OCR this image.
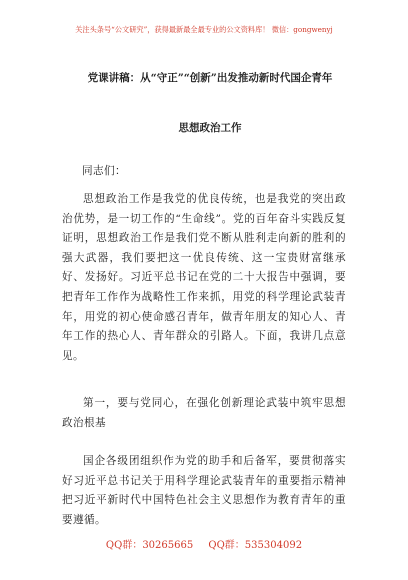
关注头条号“公文研究”，获得最新最全最专业的公文资料库！ 微信：gongwenyj
党课讲稿：从“守正”“创新”出发推动新时代国企青年
思想政治工作

同志们：

思想政治工作是我党的优良传统，也是我党的突出政治优势，是一切工作的“生命线”。党的百年奋斗实践反复证明，思想政治工作是我们党不断从胜利走向新的胜利的强大武器，我们要把这一优良传统、这一宝贵财富继承好、发扬好。习近平总书记在党的二十大报告中强调，要把青年工作作为战略性工作来抓，用党的科学理论武装青年，用党的初心使命感召青年，做青年朋友的知心人、青年工作的热心人、青年群众的引路人。下面，我讲几点意见。

第一，要与党同心，在强化创新理论武装中筑牢思想政治根基

国企各级团组织作为党的助手和后备军，要贯彻落实好习近平总书记关于用科学理论武装青年的重要指示精神把习近平新时代中国特色社会主义思想作为教育青年的重要遵循。

QQ群：30265665 QQ群：535304092
